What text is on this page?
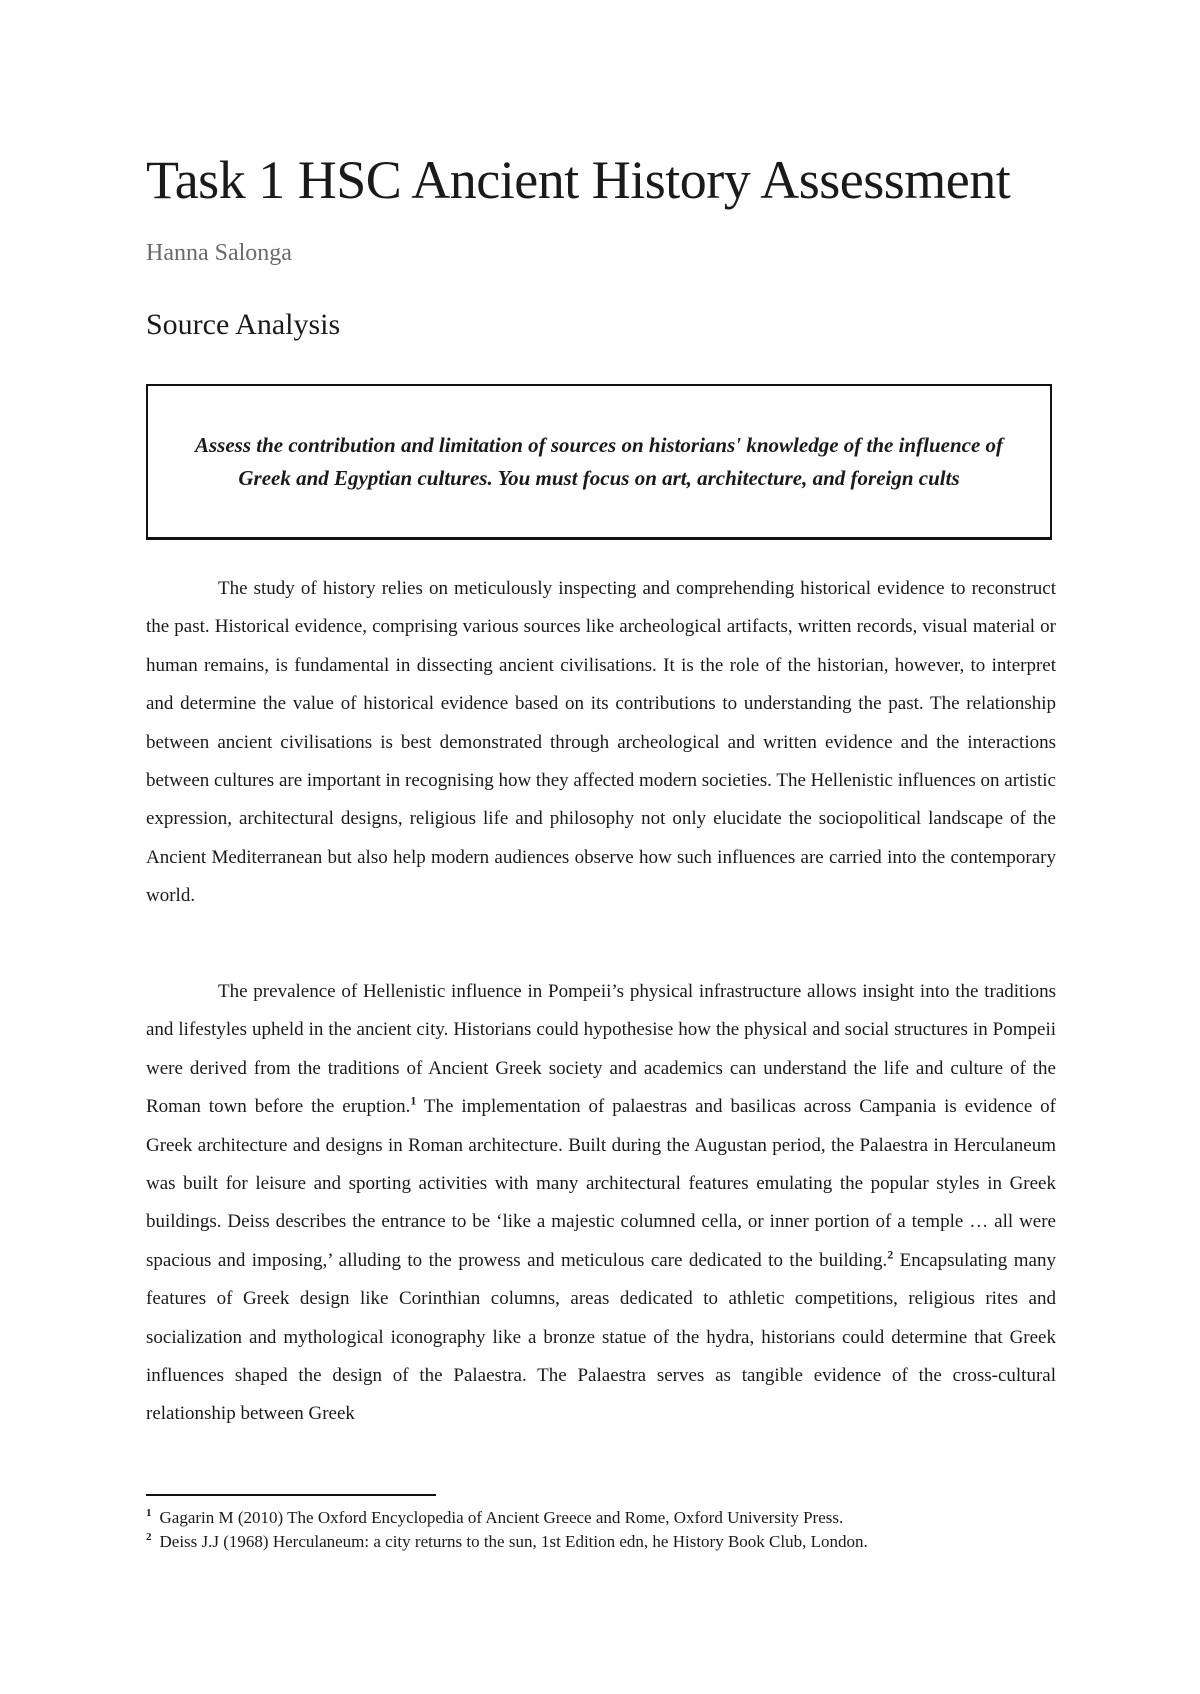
Task 1 HSC Ancient History Assessment

Hanna Salonga

Source Analysis

Assess the contribution and limitation of sources on historians' knowledge of the influence of Greek and Egyptian cultures. You must focus on art, architecture, and foreign cults

The study of history relies on meticulously inspecting and comprehending historical evidence to reconstruct the past. Historical evidence, comprising various sources like archeological artifacts, written records, visual material or human remains, is fundamental in dissecting ancient civilisations. It is the role of the historian, however, to interpret and determine the value of historical evidence based on its contributions to understanding the past. The relationship between ancient civilisations is best demonstrated through archeological and written evidence and the interactions between cultures are important in recognising how they affected modern societies. The Hellenistic influences on artistic expression, architectural designs, religious life and philosophy not only elucidate the sociopolitical landscape of the Ancient Mediterranean but also help modern audiences observe how such influences are carried into the contemporary world.

The prevalence of Hellenistic influence in Pompeii’s physical infrastructure allows insight into the traditions and lifestyles upheld in the ancient city. Historians could hypothesise how the physical and social structures in Pompeii were derived from the traditions of Ancient Greek society and academics can understand the life and culture of the Roman town before the eruption.$^1$ The implementation of palaestras and basilicas across Campania is evidence of Greek architecture and designs in Roman architecture. Built during the Augustan period, the Palaestra in Herculaneum was built for leisure and sporting activities with many architectural features emulating the popular styles in Greek buildings. Deiss describes the entrance to be ‘like a majestic columned cella, or inner portion of a temple … all were spacious and imposing,’ alluding to the prowess and meticulous care dedicated to the building.$^2$ Encapsulating many features of Greek design like Corinthian columns, areas dedicated to athletic competitions, religious rites and socialization and mythological iconography like a bronze statue of the hydra, historians could determine that Greek influences shaped the design of the Palaestra. The Palaestra serves as tangible evidence of the cross-cultural relationship between Greek

$^1$ Gagarin M (2010) The Oxford Encyclopedia of Ancient Greece and Rome, Oxford University Press.
$^2$ Deiss J.J (1968) Herculaneum: a city returns to the sun, 1st Edition edn, he History Book Club, London.
